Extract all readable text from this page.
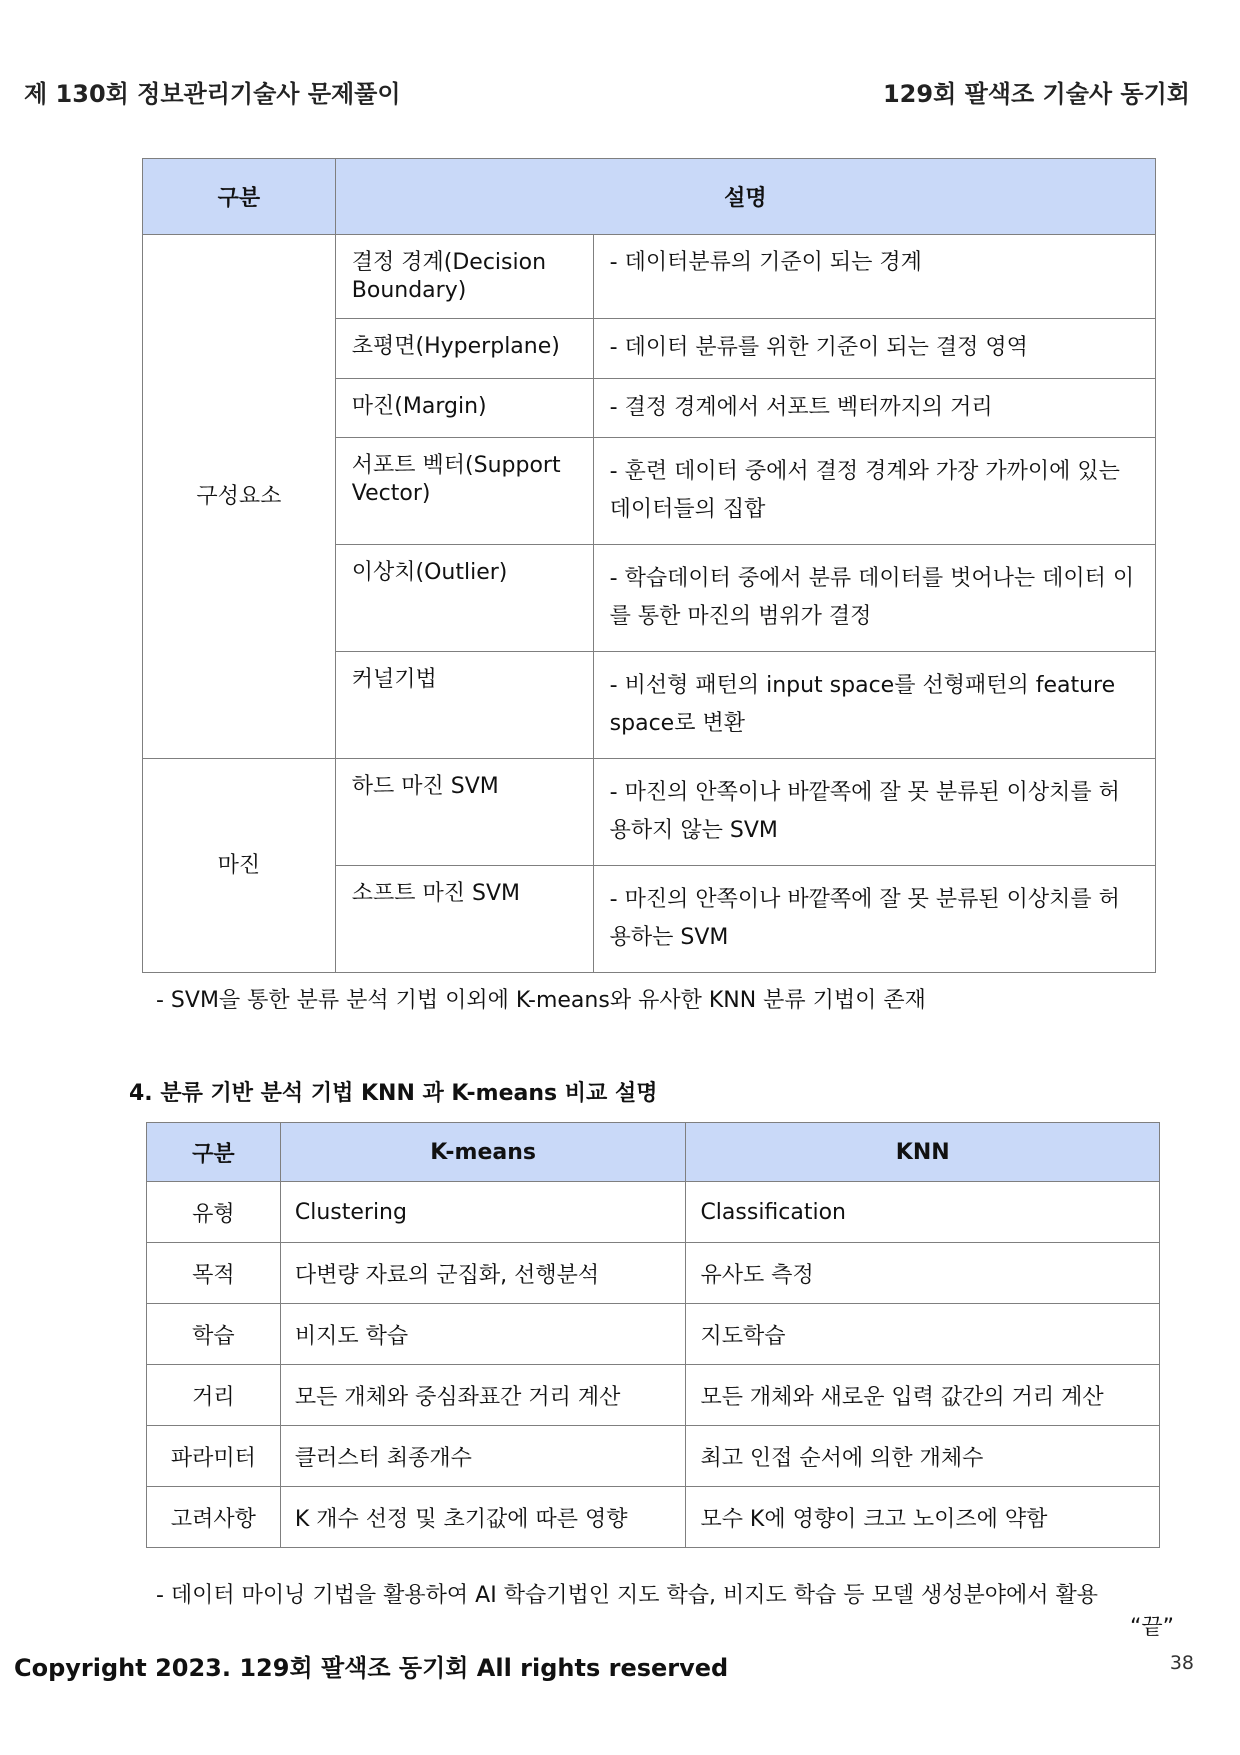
제 130회 정보관리기술사 문제풀이	129회 팔색조 기술사 동기회
구분	설명	
구성요소	결정 경계(Decision Boundary)	- 데이터분류의 기준이 되는 경계
	초평면(Hyperplane)	- 데이터 분류를 위한 기준이 되는 결정 영역
	마진(Margin)	- 결정 경계에서 서포트 벡터까지의 거리
	서포트 벡터(Support Vector)	- 훈련 데이터 중에서 결정 경계와 가장 가까이에 있는 데이터들의 집합
	이상치(Outlier)	- 학습데이터 중에서 분류 데이터를 벗어나는 데이터 이를 통한 마진의 범위가 결정
	커널기법	- 비선형 패턴의 input space를 선형패턴의 feature space로 변환
마진	하드 마진 SVM	- 마진의 안쪽이나 바깥쪽에 잘 못 분류된 이상치를 허용하지 않는 SVM
	소프트 마진 SVM	- 마진의 안쪽이나 바깥쪽에 잘 못 분류된 이상치를 허용하는 SVM
- SVM을 통한 분류 분석 기법 이외에 K-means와 유사한 KNN 분류 기법이 존재
4. 분류 기반 분석 기법 KNN 과 K-means 비교 설명
구분	K-means	KNN
유형	Clustering	Classification
목적	다변량 자료의 군집화, 선행분석	유사도 측정
학습	비지도 학습	지도학습
거리	모든 개체와 중심좌표간 거리 계산	모든 개체와 새로운 입력 값간의 거리 계산
파라미터	클러스터 최종개수	최고 인접 순서에 의한 개체수
고려사항	K 개수 선정 및 초기값에 따른 영향	모수 K에 영향이 크고 노이즈에 약함
- 데이터 마이닝 기법을 활용하여 AI 학습기법인 지도 학습, 비지도 학습 등 모델 생성분야에서 활용
“끝”
Copyright 2023. 129회 팔색조 동기회 All rights reserved	38
